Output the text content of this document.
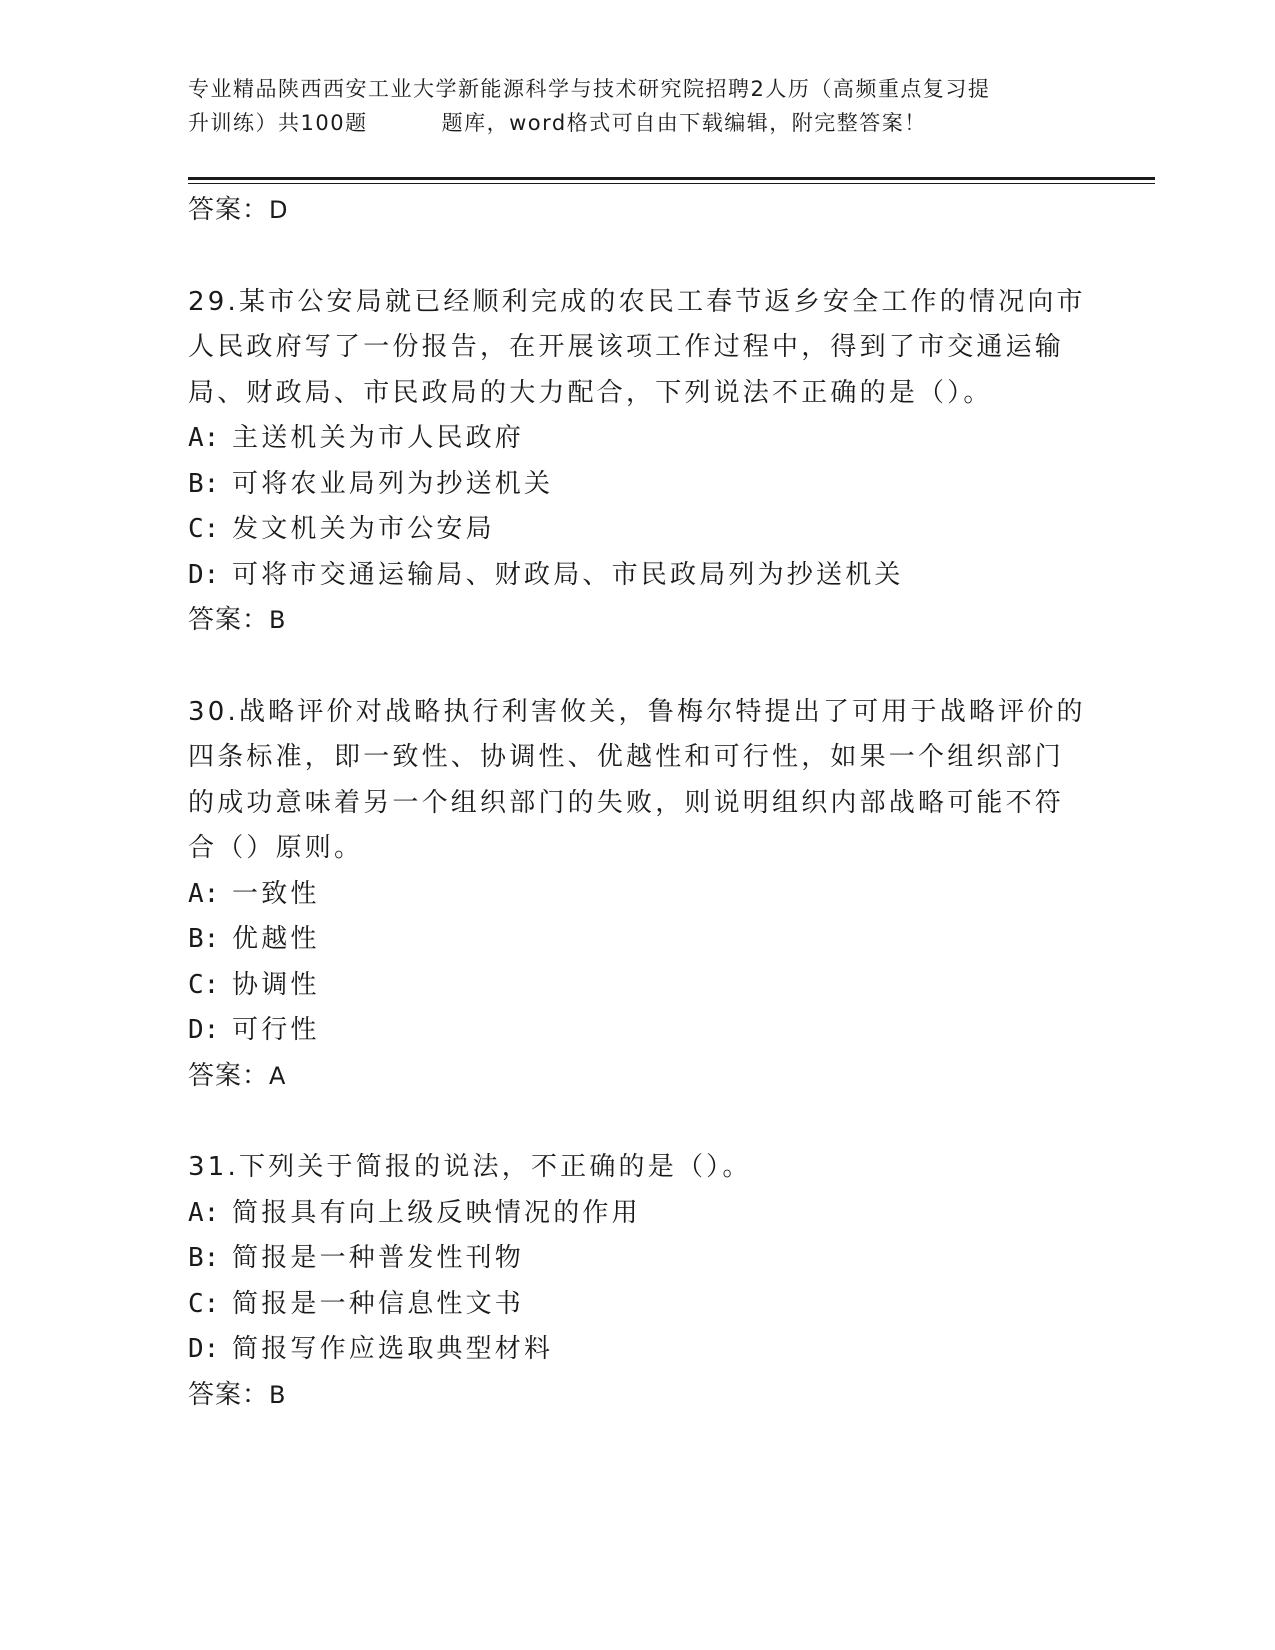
专业精品陕西西安工业大学新能源科学与技术研究院招聘2人历（高频重点复习提
升训练）共100题	题库，word格式可自由下载编辑，附完整答案！
答案：D
29.某市公安局就已经顺利完成的农民工春节返乡安全工作的情况向市
人民政府写了一份报告，在开展该项工作过程中，得到了市交通运输
局、财政局、市民政局的大力配合，下列说法不正确的是（）。
A: 主送机关为市人民政府
B: 可将农业局列为抄送机关
C: 发文机关为市公安局
D: 可将市交通运输局、财政局、市民政局列为抄送机关
答案：B
30.战略评价对战略执行利害攸关，鲁梅尔特提出了可用于战略评价的
四条标准，即一致性、协调性、优越性和可行性，如果一个组织部门
的成功意味着另一个组织部门的失败，则说明组织内部战略可能不符
合（）原则。
A: 一致性
B: 优越性
C: 协调性
D: 可行性
答案：A
31.下列关于简报的说法，不正确的是（）。
A: 简报具有向上级反映情况的作用
B: 简报是一种普发性刊物
C: 简报是一种信息性文书
D: 简报写作应选取典型材料
答案：B
